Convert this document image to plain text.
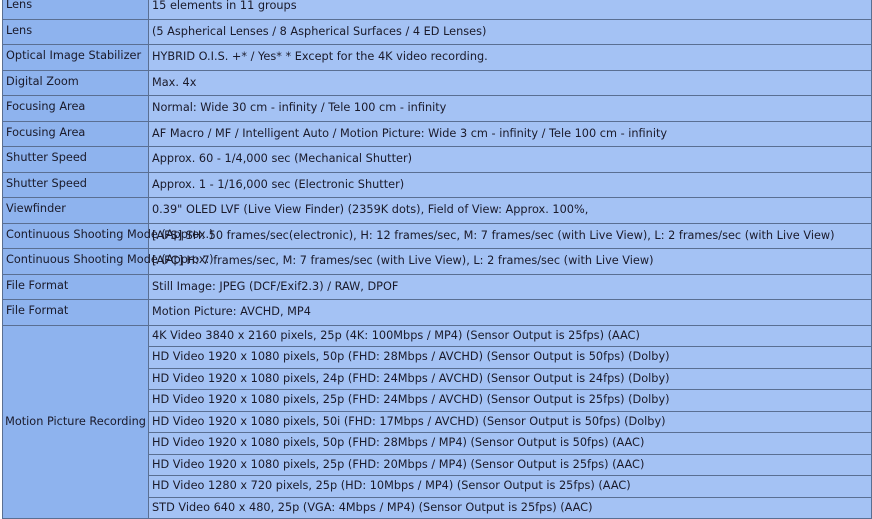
Lens	15 elements in 11 groups
Lens	(5 Aspherical Lenses / 8 Aspherical Surfaces / 4 ED Lenses)
Optical Image Stabilizer	HYBRID O.I.S. +* / Yes* * Except for the 4K video recording.
Digital Zoom	Max. 4x
Focusing Area	Normal: Wide 30 cm - infinity / Tele 100 cm - infinity
Focusing Area	AF Macro / MF / Intelligent Auto / Motion Picture: Wide 3 cm - infinity / Tele 100 cm - infinity
Shutter Speed	Approx. 60 - 1/4,000 sec (Mechanical Shutter)
Shutter Speed	Approx. 1 - 1/16,000 sec (Electronic Shutter)
Viewfinder	0.39" OLED LVF (Live View Finder) (2359K dots), Field of View: Approx. 100%,
Continuous Shooting Mode (Approx.)	[AFS] SH: 50 frames/sec(electronic), H: 12 frames/sec, M: 7 frames/sec (with Live View), L: 2 frames/sec (with Live View)
Continuous Shooting Mode (Approx.)	[AFC] H: 7 frames/sec, M: 7 frames/sec (with Live View), L: 2 frames/sec (with Live View)
File Format	Still Image: JPEG (DCF/Exif2.3) / RAW, DPOF
File Format	Motion Picture: AVCHD, MP4
Motion Picture Recording	4K Video 3840 x 2160 pixels, 25p (4K: 100Mbps / MP4) (Sensor Output is 25fps) (AAC)
	HD Video 1920 x 1080 pixels, 50p (FHD: 28Mbps / AVCHD) (Sensor Output is 50fps) (Dolby)
	HD Video 1920 x 1080 pixels, 24p (FHD: 24Mbps / AVCHD) (Sensor Output is 24fps) (Dolby)
	HD Video 1920 x 1080 pixels, 25p (FHD: 24Mbps / AVCHD) (Sensor Output is 25fps) (Dolby)
	HD Video 1920 x 1080 pixels, 50i (FHD: 17Mbps / AVCHD) (Sensor Output is 50fps) (Dolby)
	HD Video 1920 x 1080 pixels, 50p (FHD: 28Mbps / MP4) (Sensor Output is 50fps) (AAC)
	HD Video 1920 x 1080 pixels, 25p (FHD: 20Mbps / MP4) (Sensor Output is 25fps) (AAC)
	HD Video 1280 x 720 pixels, 25p (HD: 10Mbps / MP4) (Sensor Output is 25fps) (AAC)
	STD Video 640 x 480, 25p (VGA: 4Mbps / MP4) (Sensor Output is 25fps) (AAC)
